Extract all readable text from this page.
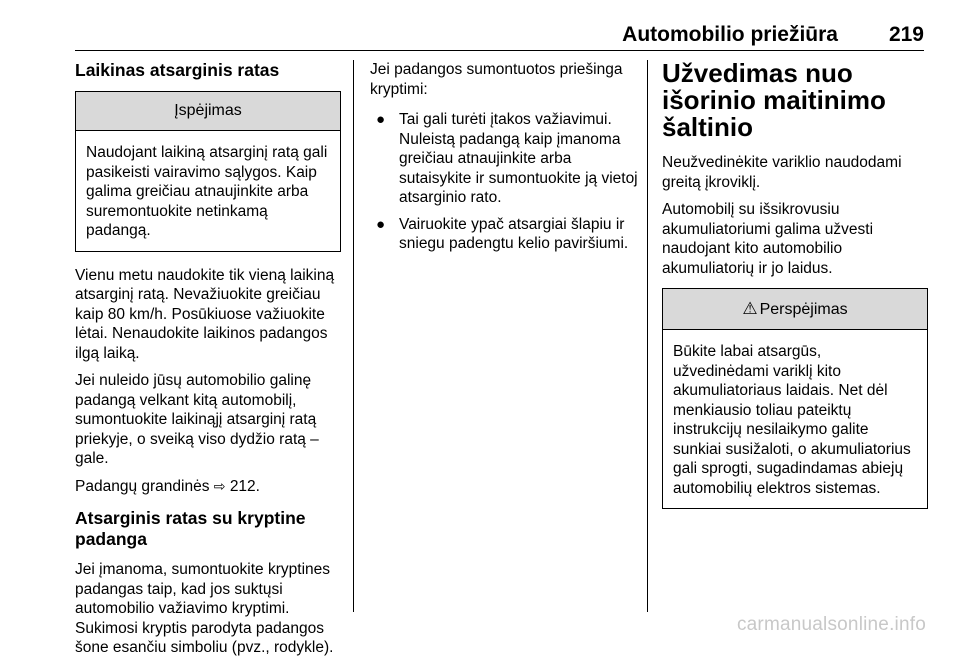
Automobilio priežiūra 219
Laikinas atsarginis ratas
Įspėjimas
Naudojant laikiną atsarginį ratą gali pasikeisti vairavimo sąlygos. Kaip galima greičiau atnaujinkite arba suremontuokite netinkamą padangą.
Vienu metu naudokite tik vieną laikiną atsarginį ratą. Nevažiuokite greičiau kaip 80 km/h. Posūkiuose važiuokite lėtai. Nenaudokite laikinos padangos ilgą laiką.
Jei nuleido jūsų automobilio galinę padangą velkant kitą automobilį, sumontuokite laikinąjį atsarginį ratą priekyje, o sveiką viso dydžio ratą – gale.
Padangų grandinės ⇨ 212.
Atsarginis ratas su kryptine padanga
Jei įmanoma, sumontuokite kryptines padangas taip, kad jos suktųsi automobilio važiavimo kryptimi. Sukimosi kryptis parodyta padangos šone esančiu simboliu (pvz., rodykle).
Jei padangos sumontuotos priešinga kryptimi:
● Tai gali turėti įtakos važiavimui. Nuleistą padangą kaip įmanoma greičiau atnaujinkite arba sutaisykite ir sumontuokite ją vietoj atsarginio rato.
● Vairuokite ypač atsargiai šlapiu ir sniegu padengtu kelio paviršiumi.
Užvedimas nuo išorinio maitinimo šaltinio
Neužvedinėkite variklio naudodami greitą įkroviklį.
Automobilį su išsikrovusiu akumuliatoriumi galima užvesti naudojant kito automobilio akumuliatorių ir jo laidus.
⚠ Perspėjimas
Būkite labai atsargūs, užvedinėdami variklį kito akumuliatoriaus laidais. Net dėl menkiausio toliau pateiktų instrukcijų nesilaikymo galite sunkiai susižaloti, o akumuliatorius gali sprogti, sugadindamas abiejų automobilių elektros sistemas.
carmanualsonline.info
